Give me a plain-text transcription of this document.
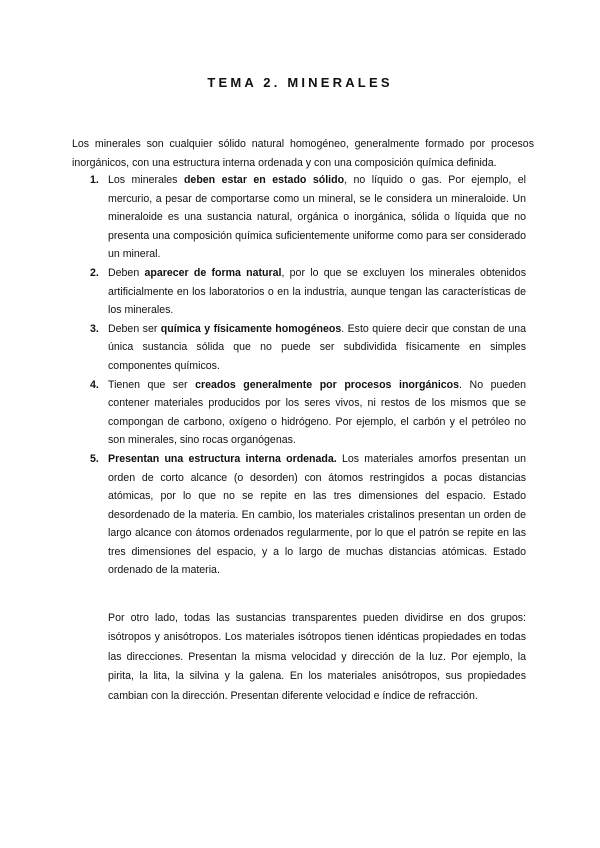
TEMA 2. MINERALES

Los minerales son cualquier sólido natural homogéneo, generalmente formado por procesos inorgánicos, con una estructura interna ordenada y con una composición química definida.

1. Los minerales deben estar en estado sólido, no líquido o gas. Por ejemplo, el mercurio, a pesar de comportarse como un mineral, se le considera un mineraloide. Un mineraloide es una sustancia natural, orgánica o inorgánica, sólida o líquida que no presenta una composición química suficientemente uniforme como para ser considerado un mineral.
2. Deben aparecer de forma natural, por lo que se excluyen los minerales obtenidos artificialmente en los laboratorios o en la industria, aunque tengan las características de los minerales.
3. Deben ser química y físicamente homogéneos. Esto quiere decir que constan de una única sustancia sólida que no puede ser subdividida físicamente en simples componentes químicos.
4. Tienen que ser creados generalmente por procesos inorgánicos. No pueden contener materiales producidos por los seres vivos, ni restos de los mismos que se compongan de carbono, oxígeno o hidrógeno. Por ejemplo, el carbón y el petróleo no son minerales, sino rocas organógenas.
5. Presentan una estructura interna ordenada. Los materiales amorfos presentan un orden de corto alcance (o desorden) con átomos restringidos a pocas distancias atómicas, por lo que no se repite en las tres dimensiones del espacio. Estado desordenado de la materia. En cambio, los materiales cristalinos presentan un orden de largo alcance con átomos ordenados regularmente, por lo que el patrón se repite en las tres dimensiones del espacio, y a lo largo de muchas distancias atómicas. Estado ordenado de la materia.

Por otro lado, todas las sustancias transparentes pueden dividirse en dos grupos: isótropos y anisótropos. Los materiales isótropos tienen idénticas propiedades en todas las direcciones. Presentan la misma velocidad y dirección de la luz. Por ejemplo, la pirita, la lita, la silvina y la galena. En los materiales anisótropos, sus propiedades cambian con la dirección. Presentan diferente velocidad e índice de refracción.
